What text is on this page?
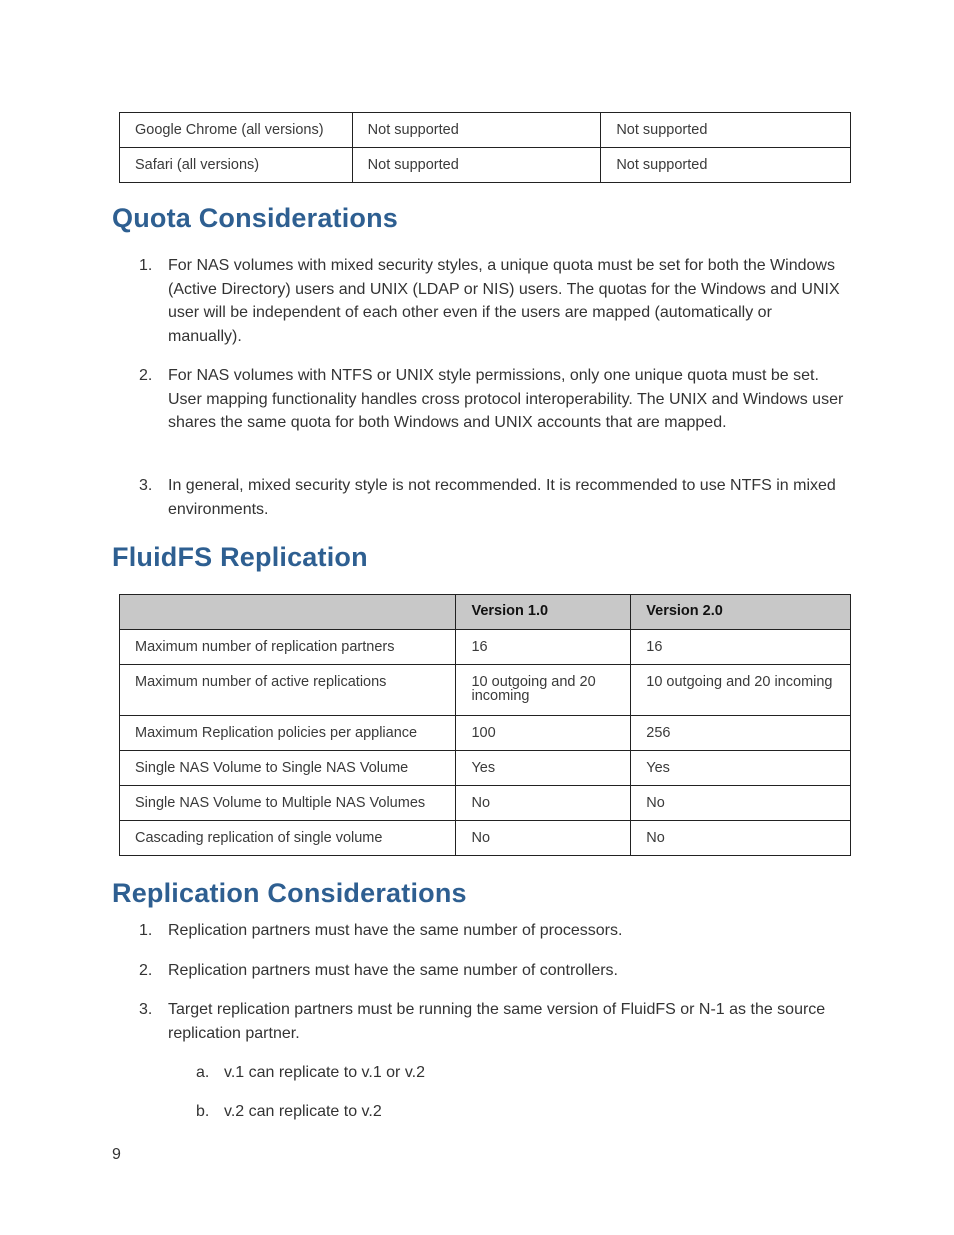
Google Chrome (all versions)	Not supported	Not supported
Safari (all versions)	Not supported	Not supported
Quota Considerations
1. For NAS volumes with mixed security styles, a unique quota must be set for both the Windows (Active Directory) users and UNIX (LDAP or NIS) users. The quotas for the Windows and UNIX user will be independent of each other even if the users are mapped (automatically or manually).
2. For NAS volumes with NTFS or UNIX style permissions, only one unique quota must be set. User mapping functionality handles cross protocol interoperability. The UNIX and Windows user shares the same quota for both Windows and UNIX accounts that are mapped.
3. In general, mixed security style is not recommended. It is recommended to use NTFS in mixed environments.
FluidFS Replication
	Version 1.0	Version 2.0
Maximum number of replication partners	16	16
Maximum number of active replications	10 outgoing and 20 incoming	10 outgoing and 20 incoming
Maximum Replication policies per appliance	100	256
Single NAS Volume to Single NAS Volume	Yes	Yes
Single NAS Volume to Multiple NAS Volumes	No	No
Cascading replication of single volume	No	No
Replication Considerations
1. Replication partners must have the same number of processors.
2. Replication partners must have the same number of controllers.
3. Target replication partners must be running the same version of FluidFS or N-1 as the source replication partner.
a. v.1 can replicate to v.1 or v.2
b. v.2 can replicate to v.2
9
